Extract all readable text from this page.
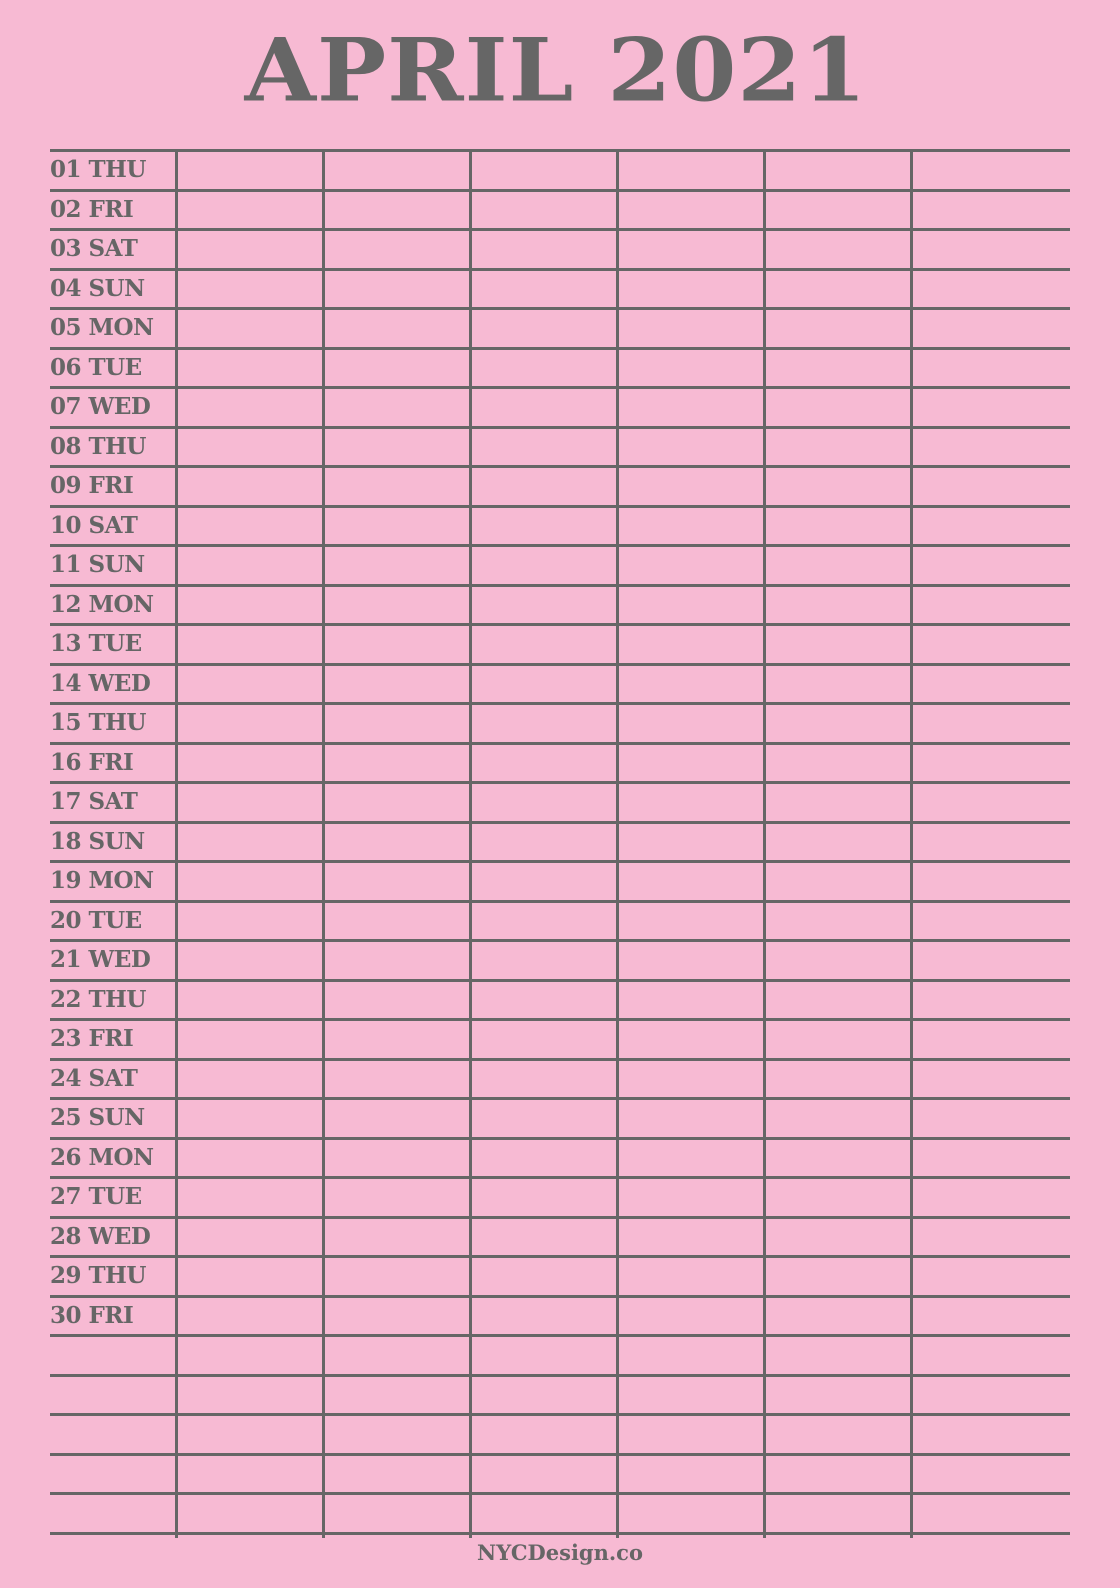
APRIL 2021
01 THU
02 FRI
03 SAT
04 SUN
05 MON
06 TUE
07 WED
08 THU
09 FRI
10 SAT
11 SUN
12 MON
13 TUE
14 WED
15 THU
16 FRI
17 SAT
18 SUN
19 MON
20 TUE
21 WED
22 THU
23 FRI
24 SAT
25 SUN
26 MON
27 TUE
28 WED
29 THU
30 FRI
NYCDesign.co
